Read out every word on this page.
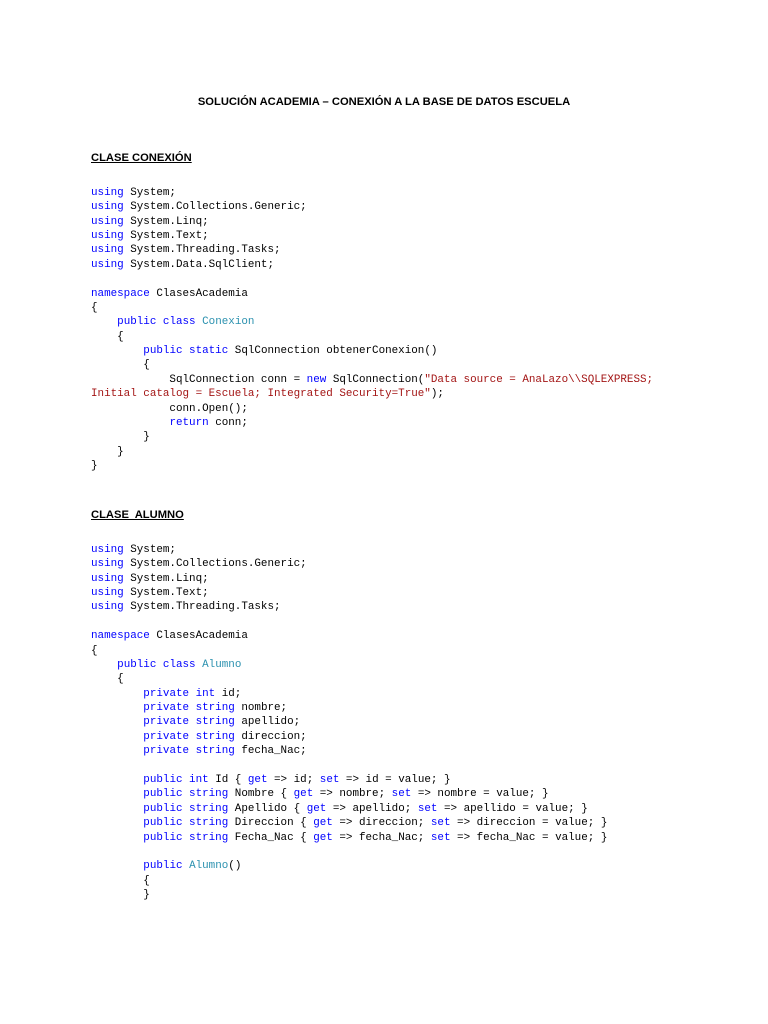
SOLUCIÓN ACADEMIA – CONEXIÓN A LA BASE DE DATOS ESCUELA
CLASE CONEXIÓN
using System;
using System.Collections.Generic;
using System.Linq;
using System.Text;
using System.Threading.Tasks;
using System.Data.SqlClient;
namespace ClasesAcademia
{
public class Conexion
{
public static SqlConnection obtenerConexion()
{
SqlConnection conn = new SqlConnection("Data source = AnaLazo\\SQLEXPRESS;
Initial catalog = Escuela; Integrated Security=True");
conn.Open();
return conn;
}
}
}
CLASE  ALUMNO
using System;
using System.Collections.Generic;
using System.Linq;
using System.Text;
using System.Threading.Tasks;
namespace ClasesAcademia
{
public class Alumno
{
private int id;
private string nombre;
private string apellido;
private string direccion;
private string fecha_Nac;
public int Id { get => id; set => id = value; }
public string Nombre { get => nombre; set => nombre = value; }
public string Apellido { get => apellido; set => apellido = value; }
public string Direccion { get => direccion; set => direccion = value; }
public string Fecha_Nac { get => fecha_Nac; set => fecha_Nac = value; }
public Alumno()
{
}
